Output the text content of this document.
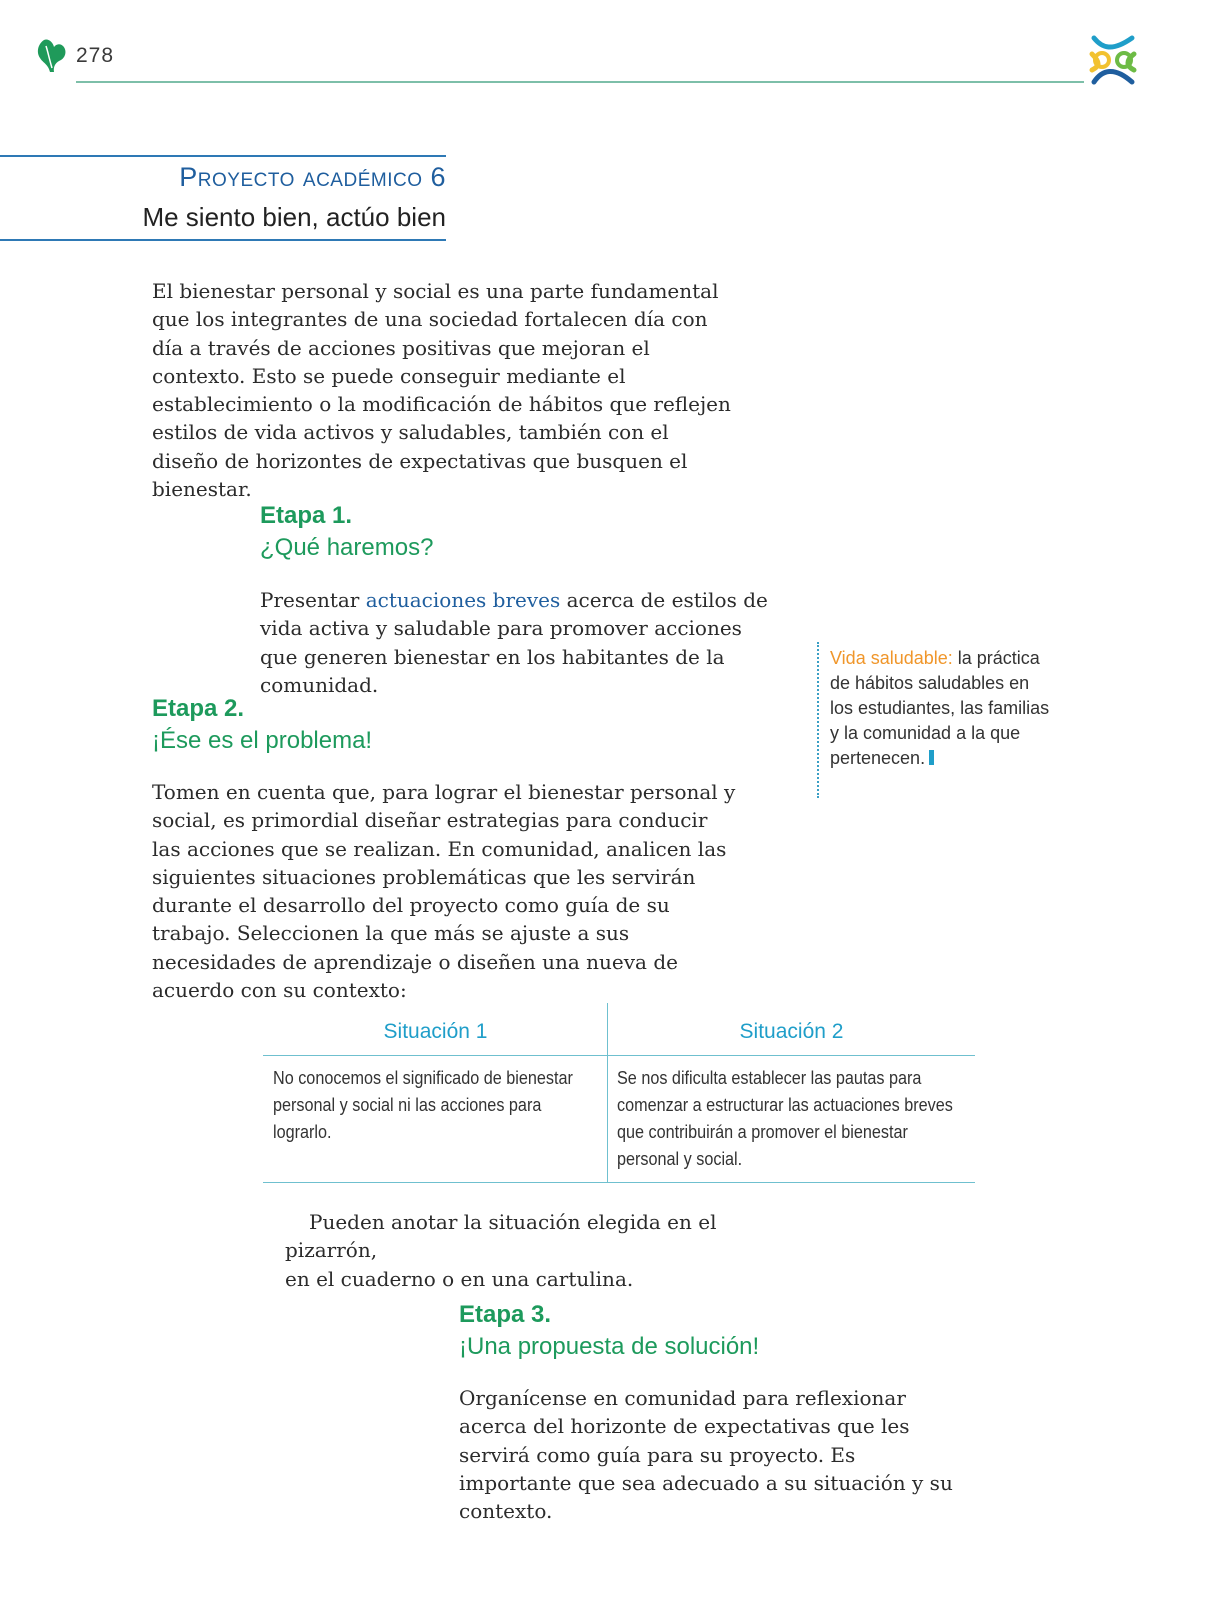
278
Proyecto académico 6
Me siento bien, actúo bien

El bienestar personal y social es una parte fundamental que los integrantes de una sociedad fortalecen día con día a través de acciones positivas que mejoran el contexto. Esto se puede conseguir mediante el establecimiento o la modificación de hábitos que reflejen estilos de vida activos y saludables, también con el diseño de horizontes de expectativas que busquen el bienestar.

Etapa 1.

¿Qué haremos?

Presentar actuaciones breves acerca de estilos de vida activa y saludable para promover acciones que generen bienestar en los habitantes de la comunidad.

Vida saludable: la práctica de hábitos saludables en los estudiantes, las familias y la comunidad a la que pertenecen.

Etapa 2.

¡Ése es el problema!

Tomen en cuenta que, para lograr el bienestar personal y social, es primordial diseñar estrategias para conducir las acciones que se realizan. En comunidad, analicen las siguientes situaciones problemáticas que les servirán durante el desarrollo del proyecto como guía de su trabajo. Seleccionen la que más se ajuste a sus necesidades de aprendizaje o diseñen una nueva de acuerdo con su contexto:

Situación 1	Situación 2
No conocemos el significado de bienestar personal y social ni las acciones para lograrlo.
Se nos dificulta establecer las pautas para comenzar a estructurar las actuaciones breves que contribuirán a promover el bienestar personal y social.
Pueden anotar la situación elegida en el pizarrón,
en el cuaderno o en una cartulina.

Etapa 3.

¡Una propuesta de solución!

Organícense en comunidad para reflexionar acerca del horizonte de expectativas que les servirá como guía para su proyecto. Es importante que sea adecuado a su situación y su contexto.
